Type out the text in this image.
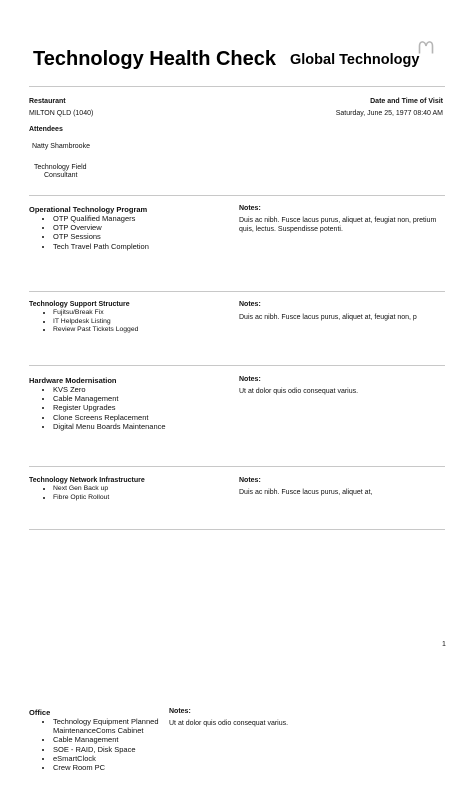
Technology Health Check Global Technology
Restaurant
MILTON QLD (1040)
Date and Time of Visit
Saturday, June 25, 1977 08:40 AM
Attendees
Natty Shambrooke
Technology Field
Consultant
Operational Technology Program
• OTP Qualified Managers
• OTP Overview
• OTP Sessions
• Tech Travel Path Completion
Notes:
Duis ac nibh. Fusce lacus purus, aliquet at, feugiat non, pretium quis, lectus. Suspendisse potenti.
Technology Support Structure
• Fujitsu/Break Fix
• IT Helpdesk Listing
• Review Past Tickets Logged
Notes:
Duis ac nibh. Fusce lacus purus, aliquet at, feugiat non, p
Hardware Modernisation
• KVS Zero
• Cable Management
• Register Upgrades
• Clone Screens Replacement
• Digital Menu Boards Maintenance
Notes:
Ut at dolor quis odio consequat varius.
Technology Network Infrastructure
• Next Gen Back up
• Fibre Optic Rollout
Notes:
Duis ac nibh. Fusce lacus purus, aliquet at,
1
Office
• Technology Equipment Planned MaintenanceComs Cabinet
• Cable Management
• SOE - RAID, Disk Space
• eSmartClock
• Crew Room PC
Notes:
Ut at dolor quis odio consequat varius.
